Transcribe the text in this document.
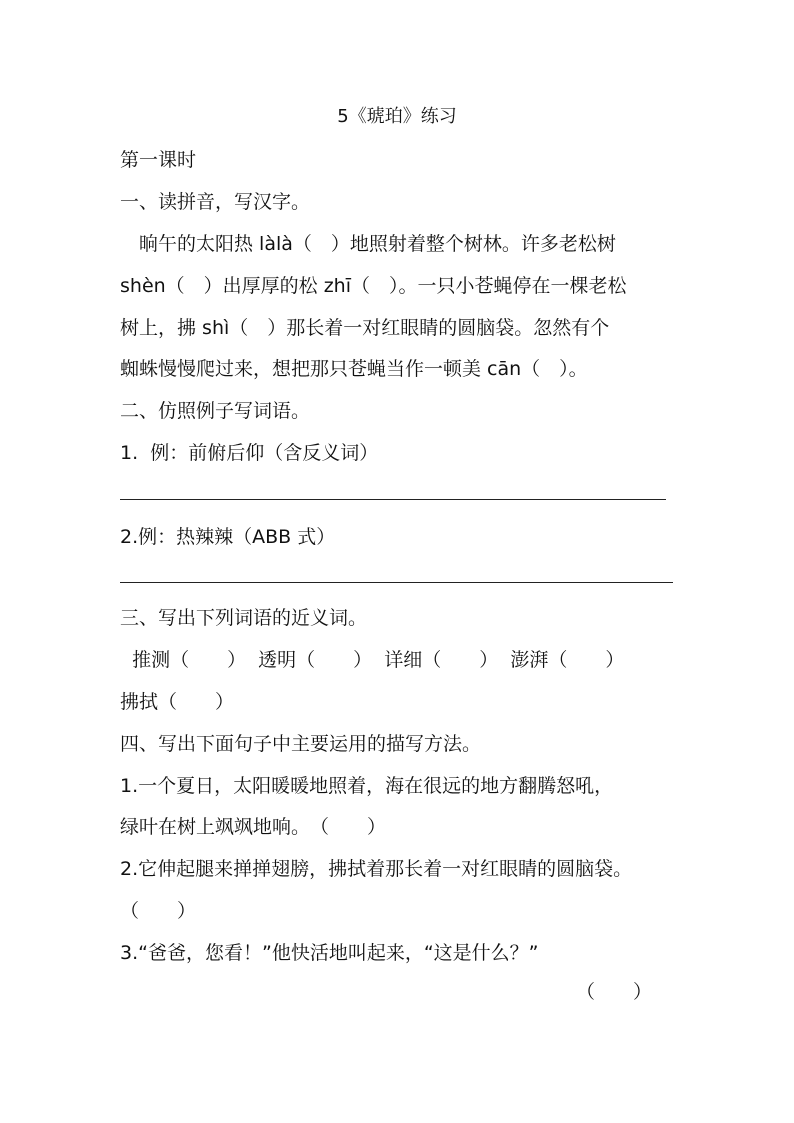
5《琥珀》练习

第一课时

一、读拼音，写汉字。

　晌午的太阳热 làlà（　）地照射着整个树林。许多老松树

shèn（　）出厚厚的松 zhī（　）。一只小苍蝇停在一棵老松

树上，拂 shì（　）那长着一对红眼睛的圆脑袋。忽然有个

蜘蛛慢慢爬过来，想把那只苍蝇当作一顿美 cān（　）。

二、仿照例子写词语。

1.  例：前俯后仰（含反义词）

2.例：热辣辣（ABB 式）

三、写出下列词语的近义词。

推测（　　）  透明（　　）  详细（　　）  澎湃（　　）

拂拭（　　）

四、写出下面句子中主要运用的描写方法。

1.一个夏日，太阳暖暖地照着，海在很远的地方翻腾怒吼，

绿叶在树上飒飒地响。　（　　）

2.它伸起腿来掸掸翅膀，拂拭着那长着一对红眼睛的圆脑袋。

（　　）

3.“爸爸，您看！”他快活地叫起来，“这是什么？”

（　　）
